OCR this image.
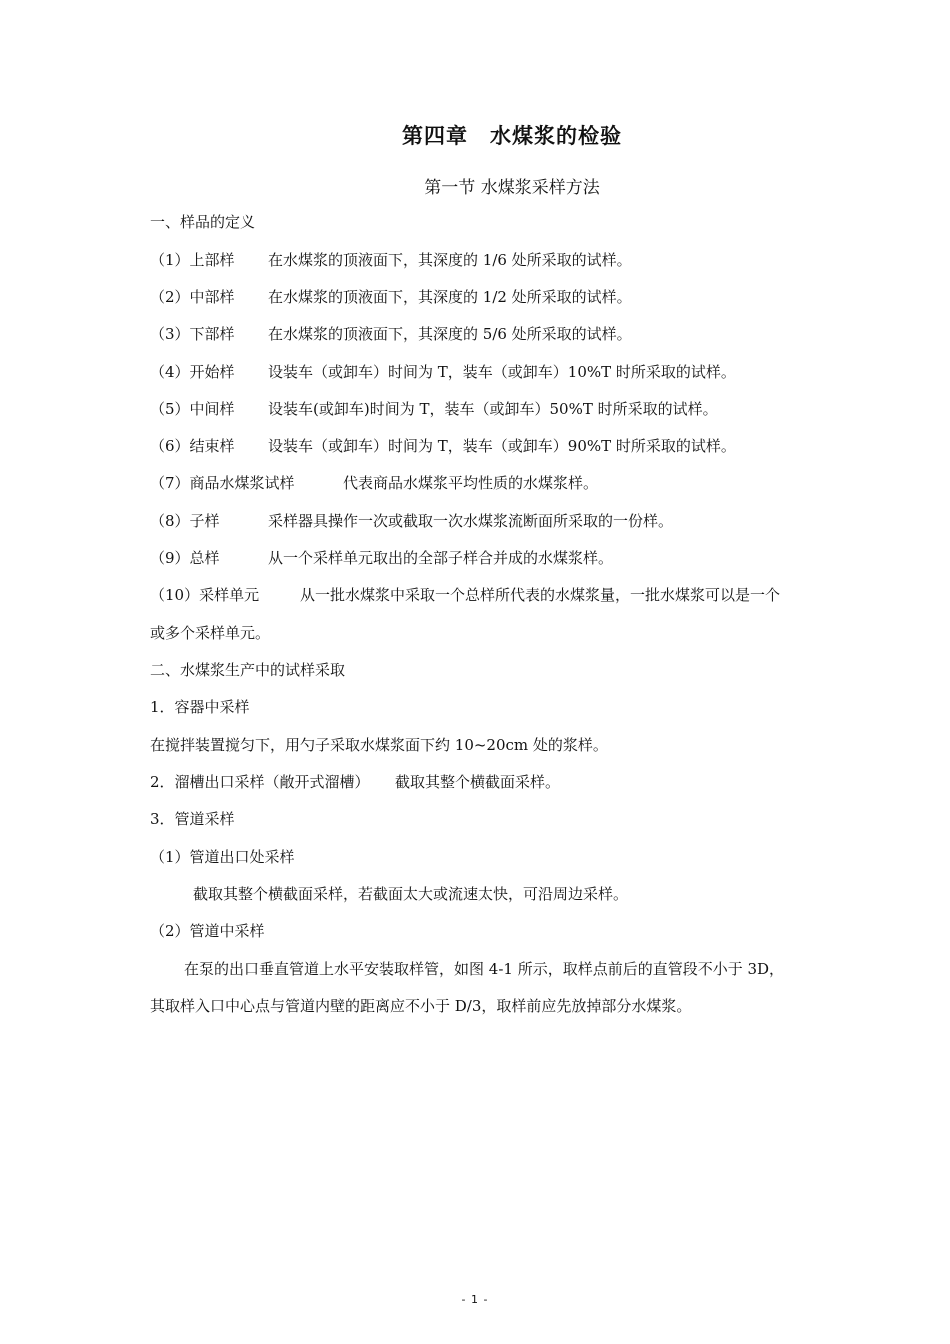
第四章　水煤浆的检验
第一节 水煤浆采样方法
一、样品的定义
（1）上部样 在水煤浆的顶液面下，其深度的 1/6 处所采取的试样。
（2）中部样 在水煤浆的顶液面下，其深度的 1/2 处所采取的试样。
（3）下部样 在水煤浆的顶液面下，其深度的 5/6 处所采取的试样。
（4）开始样 设装车（或卸车）时间为 T，装车（或卸车）10%T 时所采取的试样。
（5）中间样 设装车(或卸车)时间为 T，装车（或卸车）50%T 时所采取的试样。
（6）结束样 设装车（或卸车）时间为 T，装车（或卸车）90%T 时所采取的试样。
（7）商品水煤浆试样	代表商品水煤浆平均性质的水煤浆样。
（8）子样	采样器具操作一次或截取一次水煤浆流断面所采取的一份样。
（9）总样	从一个采样单元取出的全部子样合并成的水煤浆样。
（10）采样单元	从一批水煤浆中采取一个总样所代表的水煤浆量，一批水煤浆可以是一个
或多个采样单元。
二、水煤浆生产中的试样采取
1．容器中采样
在搅拌装置搅匀下，用勺子采取水煤浆面下约 10~20cm 处的浆样。
2．溜槽出口采样（敞开式溜槽） 截取其整个横截面采样。
3．管道采样
（1）管道出口处采样
截取其整个横截面采样，若截面太大或流速太快，可沿周边采样。
（2）管道中采样
在泵的出口垂直管道上水平安装取样管，如图 4-1 所示，取样点前后的直管段不小于 3D，
其取样入口中心点与管道内壁的距离应不小于 D/3，取样前应先放掉部分水煤浆。
- 1 -
